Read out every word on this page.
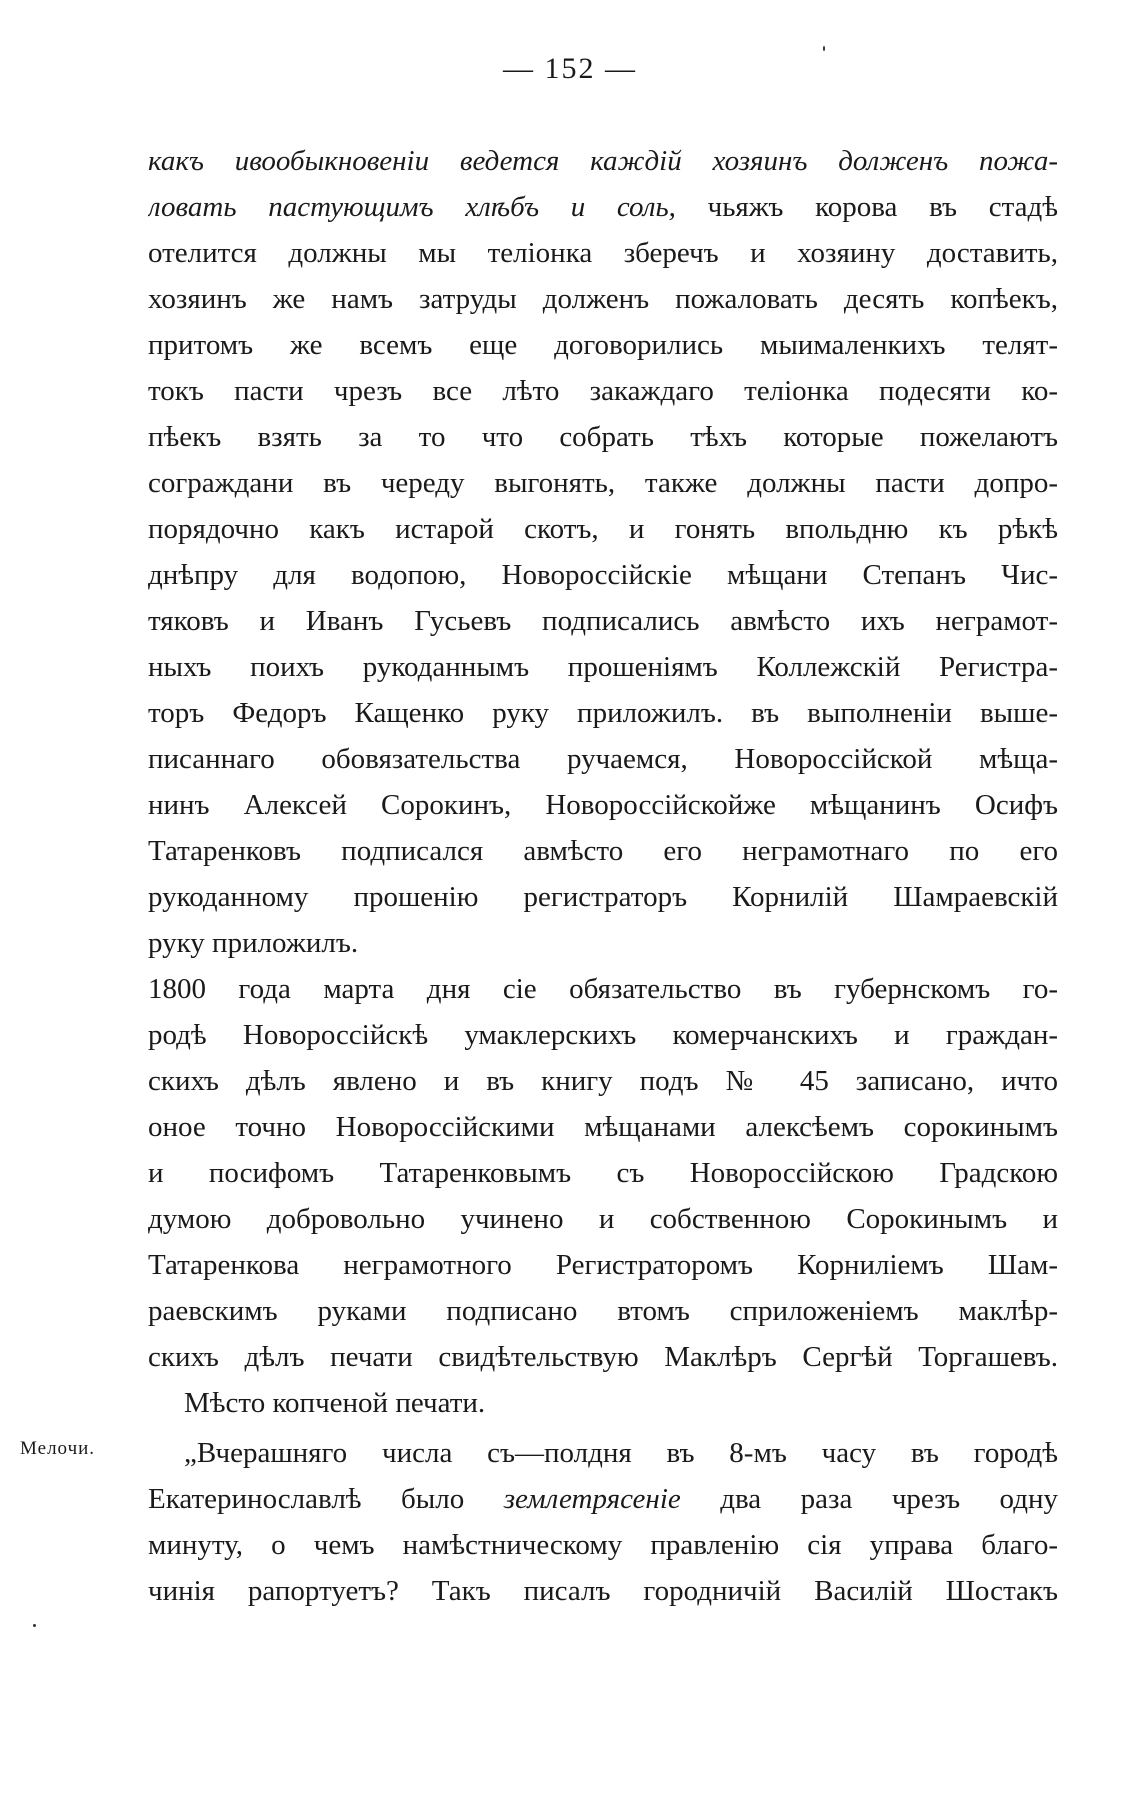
— 152 —
Мелочи.
какъ ивообыкновеніи ведется каждій хозяинъ долженъ пожа-
ловать пастующимъ хлѣбъ и соль, чьяжъ корова въ стадѣ
отелится должны мы теліонка зберечъ и хозяину доставить,
хозяинъ же намъ затруды долженъ пожаловать десять копѣекъ,
притомъ же всемъ еще договорились мыималенкихъ телят-
токъ пасти чрезъ все лѣто закаждаго теліонка подесяти ко-
пѣекъ взять за то что собрать тѣхъ которые пожелаютъ
сограждани въ череду выгонять, также должны пасти допро-
порядочно какъ истарой скотъ, и гонять впольдню къ рѣкѣ
днѣпру для водопою, Новороссійскіе мѣщани Степанъ Чис-
тяковъ и Иванъ Гусьевъ подписались авмѣсто ихъ неграмот-
ныхъ поихъ рукоданнымъ прошеніямъ Коллежскій Регистра-
торъ Федоръ Кащенко руку приложилъ. въ выполненіи выше-
писаннаго обовязательства ручаемся, Новороссійской мѣща-
нинъ Алексей Сорокинъ, Новороссійскойже мѣщанинъ Осифъ
Татаренковъ подписался авмѣсто его неграмотнаго по его
рукоданному прошенію регистраторъ Корнилій Шамраевскій
руку приложилъ.
1800 года марта дня сіе обязательство въ губернскомъ го-
родѣ Новороссійскѣ умаклерскихъ комерчанскихъ и граждан-
скихъ дѣлъ явлено и въ книгу подъ № 45 записано, ичто
оное точно Новороссійскими мѣщанами алексѣемъ сорокинымъ
и посифомъ Татаренковымъ съ Новороссійскою Градскою
думою добровольно учинено и собственною Сорокинымъ и
Татаренкова неграмотного Регистраторомъ Корниліемъ Шам-
раевскимъ руками подписано втомъ сприложеніемъ маклѣр-
скихъ дѣлъ печати свидѣтельствую Маклѣръ Сергѣй Торгашевъ.
Мѣсто копченой печати.
„Вчерашняго числа съ—полдня въ 8-мъ часу въ городѣ
Екатеринославлѣ было землетрясеніе два раза чрезъ одну
минуту, о чемъ намѣстническому правленію сія управа благо-
чинія рапортуетъ? Такъ писалъ городничій Василій Шостакъ
